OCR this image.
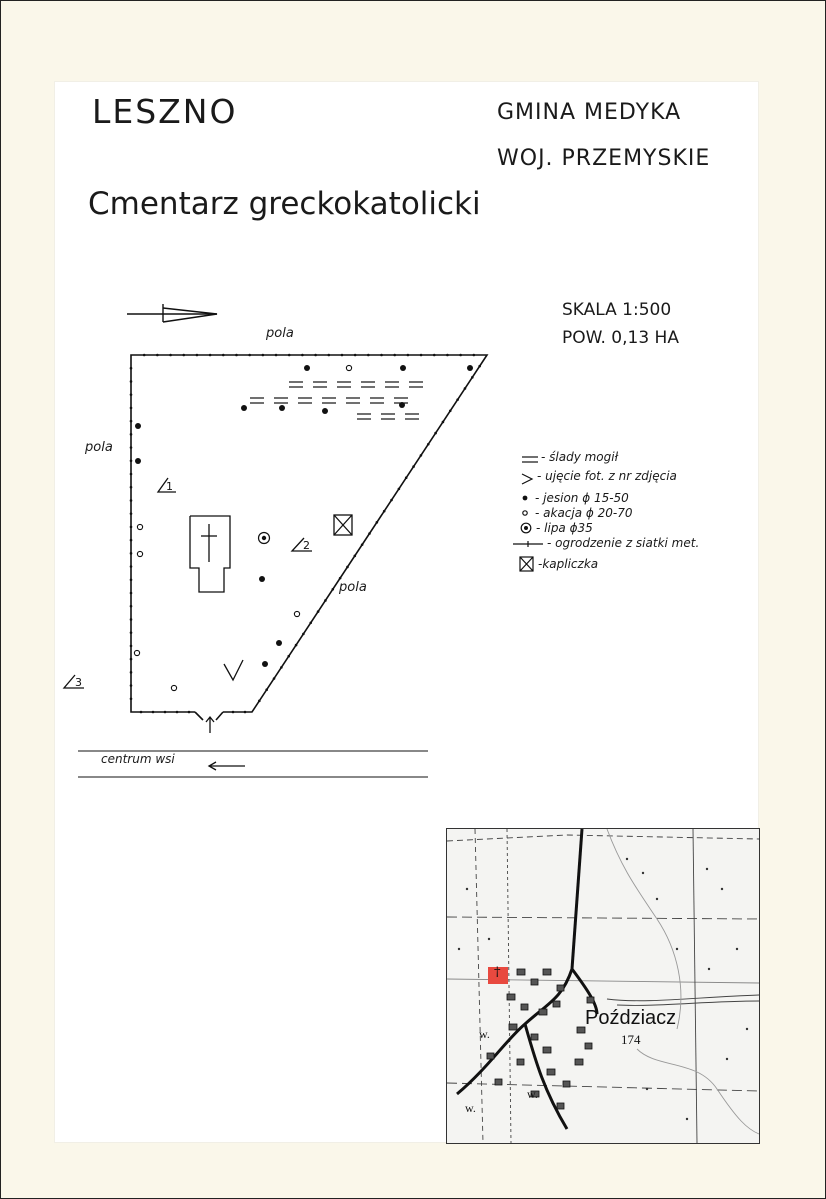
LESZNO	GMINA MEDYKA
WOJ. PRZEMYSKIE
Cmentarz greckokatolicki
SKALA 1:500
POW. 0,13 HA
pola
pola
pola
centrum wsi
1
2
3
- ślady mogił
- ujęcie fot. z nr zdjęcia
- jesion ϕ 15-50
- akacja ϕ 20-70
- lipa ϕ35
- ogrodzenie z siatki met.
-kapliczka
†
Poździacz
174
w.
w.
w.
